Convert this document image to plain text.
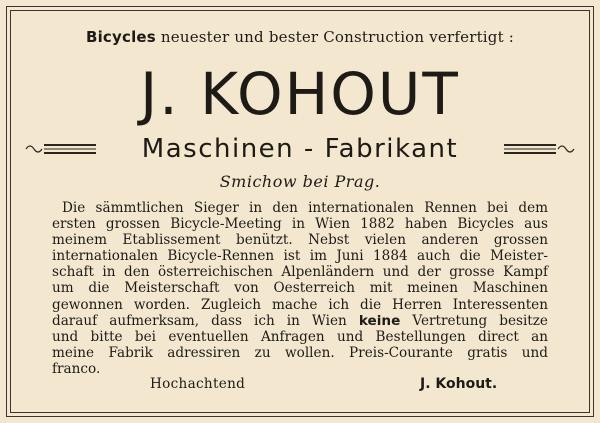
Bicycles neuester und bester Construction verfertigt :
J. KOHOUT
Maschinen - Fabrikant
Smichow bei Prag.
Die sämmtlichen Sieger in den internationalen Rennen bei dem
ersten grossen Bicycle-Meeting in Wien 1882 haben Bicycles aus
meinem Etablissement benützt. Nebst vielen anderen grossen
internationalen Bicycle-Rennen ist im Juni 1884 auch die Meister-
schaft in den österreichischen Alpenländern und der grosse Kampf
um die Meisterschaft von Oesterreich mit meinen Maschinen
gewonnen worden. Zugleich mache ich die Herren Interessenten
darauf aufmerksam, dass ich in Wien keine Vertretung besitze
und bitte bei eventuellen Anfragen und Bestellungen direct an
meine Fabrik adressiren zu wollen. Preis-Courante gratis und
franco.
Hochachtend	J. Kohout.
